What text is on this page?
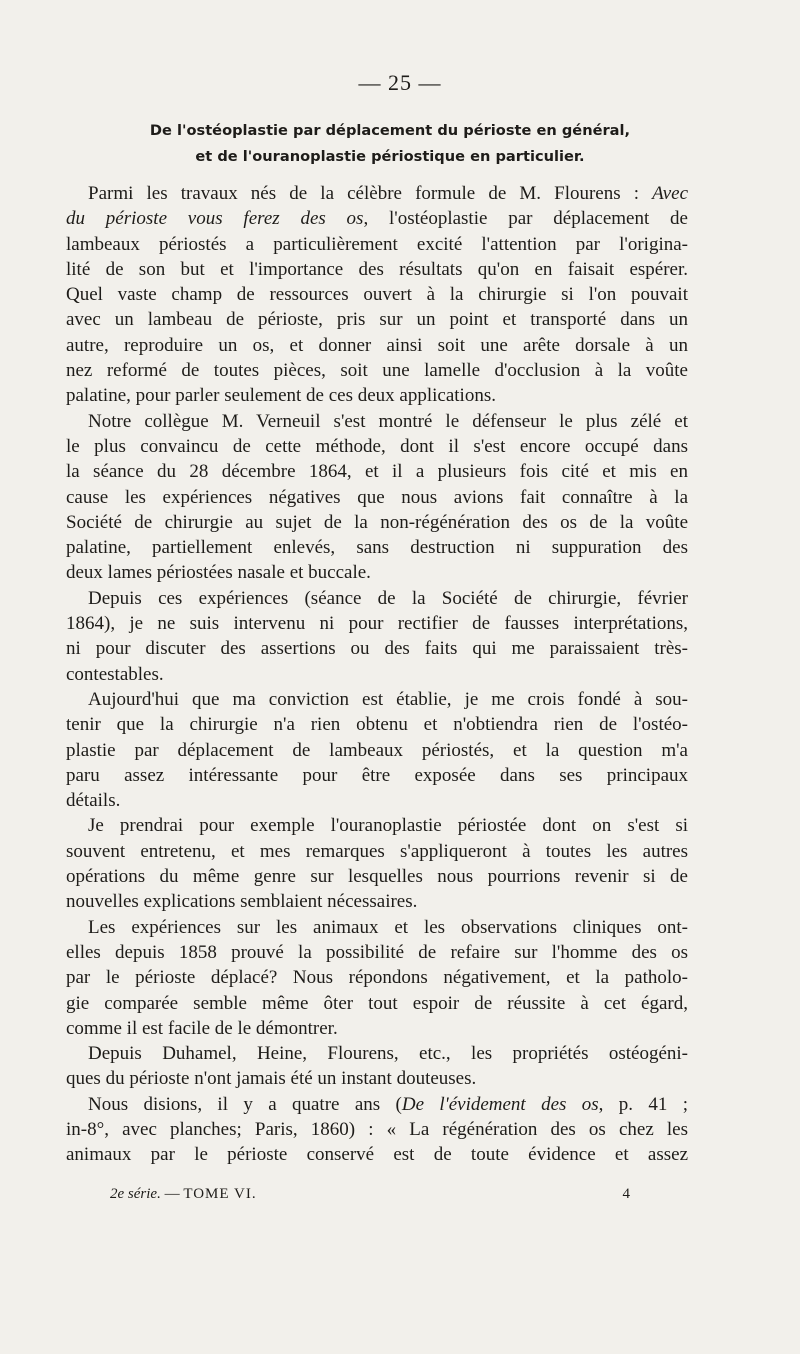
— 25 —
De l'ostéoplastie par déplacement du périoste en général,
et de l'ouranoplastie périostique en particulier.
Parmi les travaux nés de la célèbre formule de M. Flourens : Avec
du périoste vous ferez des os, l'ostéoplastie par déplacement de
lambeaux périostés a particulièrement excité l'attention par l'origina-
lité de son but et l'importance des résultats qu'on en faisait espérer.
Quel vaste champ de ressources ouvert à la chirurgie si l'on pouvait
avec un lambeau de périoste, pris sur un point et transporté dans un
autre, reproduire un os, et donner ainsi soit une arête dorsale à un
nez reformé de toutes pièces, soit une lamelle d'occlusion à la voûte
palatine, pour parler seulement de ces deux applications.
Notre collègue M. Verneuil s'est montré le défenseur le plus zélé et
le plus convaincu de cette méthode, dont il s'est encore occupé dans
la séance du 28 décembre 1864, et il a plusieurs fois cité et mis en
cause les expériences négatives que nous avions fait connaître à la
Société de chirurgie au sujet de la non-régénération des os de la voûte
palatine, partiellement enlevés, sans destruction ni suppuration des
deux lames périostées nasale et buccale.
Depuis ces expériences (séance de la Société de chirurgie, février
1864), je ne suis intervenu ni pour rectifier de fausses interprétations,
ni pour discuter des assertions ou des faits qui me paraissaient très-
contestables.
Aujourd'hui que ma conviction est établie, je me crois fondé à sou-
tenir que la chirurgie n'a rien obtenu et n'obtiendra rien de l'ostéo-
plastie par déplacement de lambeaux périostés, et la question m'a
paru assez intéressante pour être exposée dans ses principaux
détails.
Je prendrai pour exemple l'ouranoplastie périostée dont on s'est si
souvent entretenu, et mes remarques s'appliqueront à toutes les autres
opérations du même genre sur lesquelles nous pourrions revenir si de
nouvelles explications semblaient nécessaires.
Les expériences sur les animaux et les observations cliniques ont-
elles depuis 1858 prouvé la possibilité de refaire sur l'homme des os
par le périoste déplacé? Nous répondons négativement, et la patholo-
gie comparée semble même ôter tout espoir de réussite à cet égard,
comme il est facile de le démontrer.
Depuis Duhamel, Heine, Flourens, etc., les propriétés ostéogéni-
ques du périoste n'ont jamais été un instant douteuses.
Nous disions, il y a quatre ans (De l'évidement des os, p. 41 ;
in-8°, avec planches; Paris, 1860) : « La régénération des os chez les
animaux par le périoste conservé est de toute évidence et assez
2e série. — TOME VI.	4
